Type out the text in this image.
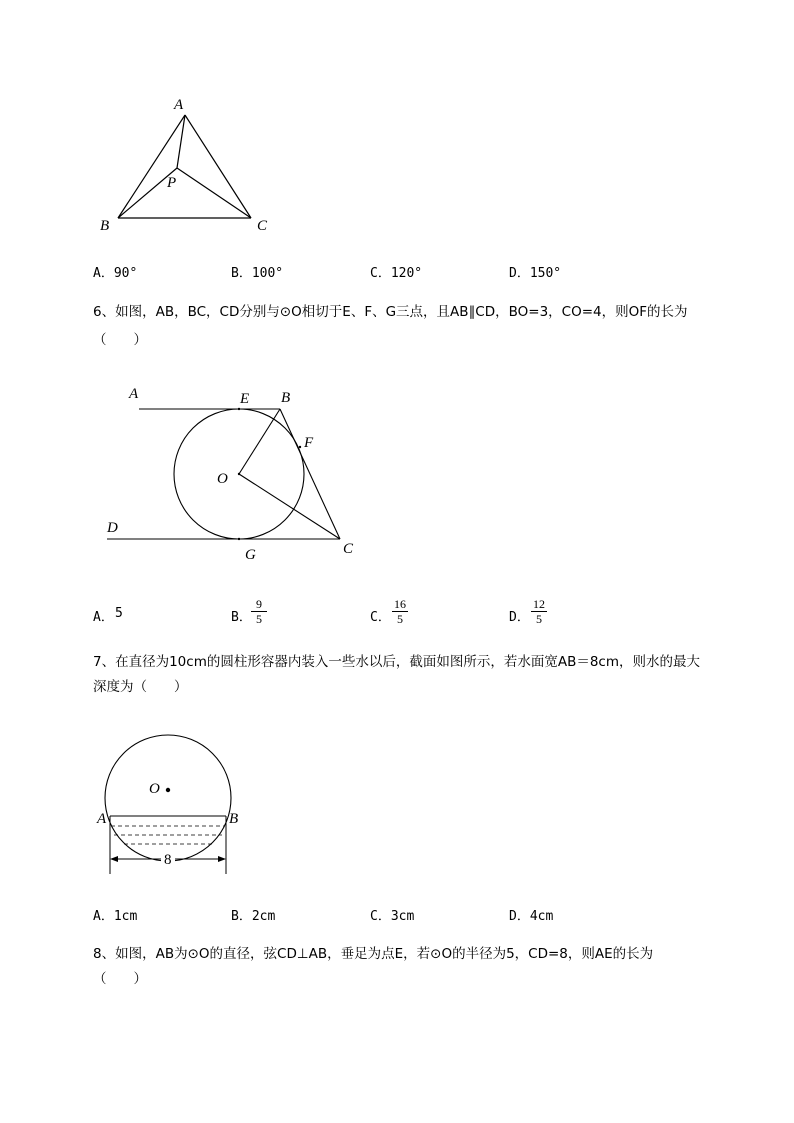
A
P
B	C
A．90°	B．100°	C．120°	D．150°
6、如图，AB，BC，CD分别与⊙O相切于E、F、G三点，且AB∥CD，BO=3，CO=4，则OF的长为
（　　）
A	E B
F
O
D
G	C
A． 5	B． $\frac{9}{5}$	C． $\frac{16}{5}$	D． $\frac{12}{5}$
7、在直径为10cm的圆柱形容器内装入一些水以后，截面如图所示，若水面宽AB＝8cm，则水的最大
深度为（　　）
O
A	B
8
A．1cm	B．2cm	C．3cm	D．4cm
8、如图，AB为⊙O的直径，弦CD⊥AB，垂足为点E，若⊙O的半径为5，CD=8，则AE的长为
（　　）
